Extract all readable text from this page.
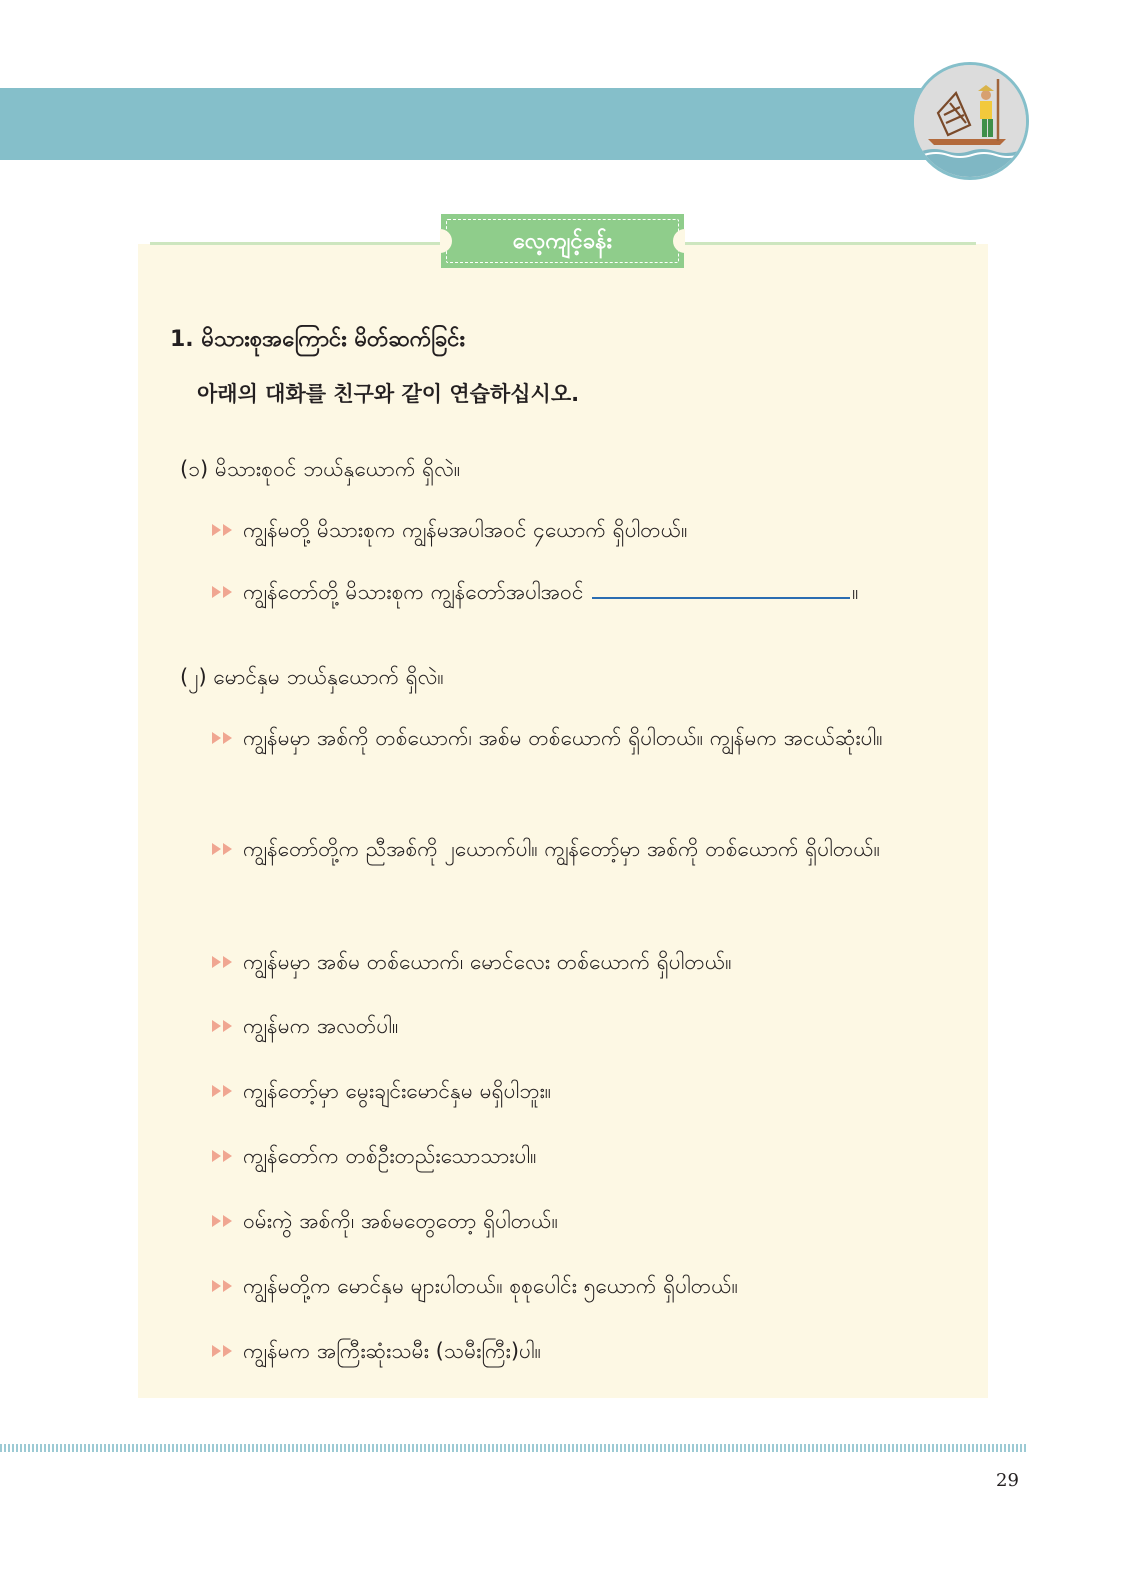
လေ့ကျင့်ခန်း
1. မိသားစုအကြောင်း မိတ်ဆက်ခြင်း
아래의 대화를 친구와 같이 연습하십시오.
(၁) မိသားစုဝင် ဘယ်နှယောက် ရှိလဲ။
ကျွန်မတို့ မိသားစုက ကျွန်မအပါအဝင် ၄ယောက် ရှိပါတယ်။
ကျွန်တော်တို့ မိသားစုက ကျွန်တော်အပါအဝင်	။
(၂) မောင်နှမ ဘယ်နှယောက် ရှိလဲ။
ကျွန်မမှာ အစ်ကို တစ်ယောက်၊ အစ်မ တစ်ယောက် ရှိပါတယ်။ ကျွန်မက အငယ်ဆုံးပါ။
ကျွန်တော်တို့က ညီအစ်ကို ၂ယောက်ပါ။ ကျွန်တော့်မှာ အစ်ကို တစ်ယောက် ရှိပါတယ်။
ကျွန်မမှာ အစ်မ တစ်ယောက်၊ မောင်လေး တစ်ယောက် ရှိပါတယ်။
ကျွန်မက အလတ်ပါ။
ကျွန်တော့်မှာ မွေးချင်းမောင်နှမ မရှိပါဘူး။
ကျွန်တော်က တစ်ဦးတည်းသောသားပါ။
ဝမ်းကွဲ အစ်ကို၊ အစ်မတွေတော့ ရှိပါတယ်။
ကျွန်မတို့က မောင်နှမ များပါတယ်။ စုစုပေါင်း ၅ယောက် ရှိပါတယ်။
ကျွန်မက အကြီးဆုံးသမီး (သမီးကြီး)ပါ။
29
